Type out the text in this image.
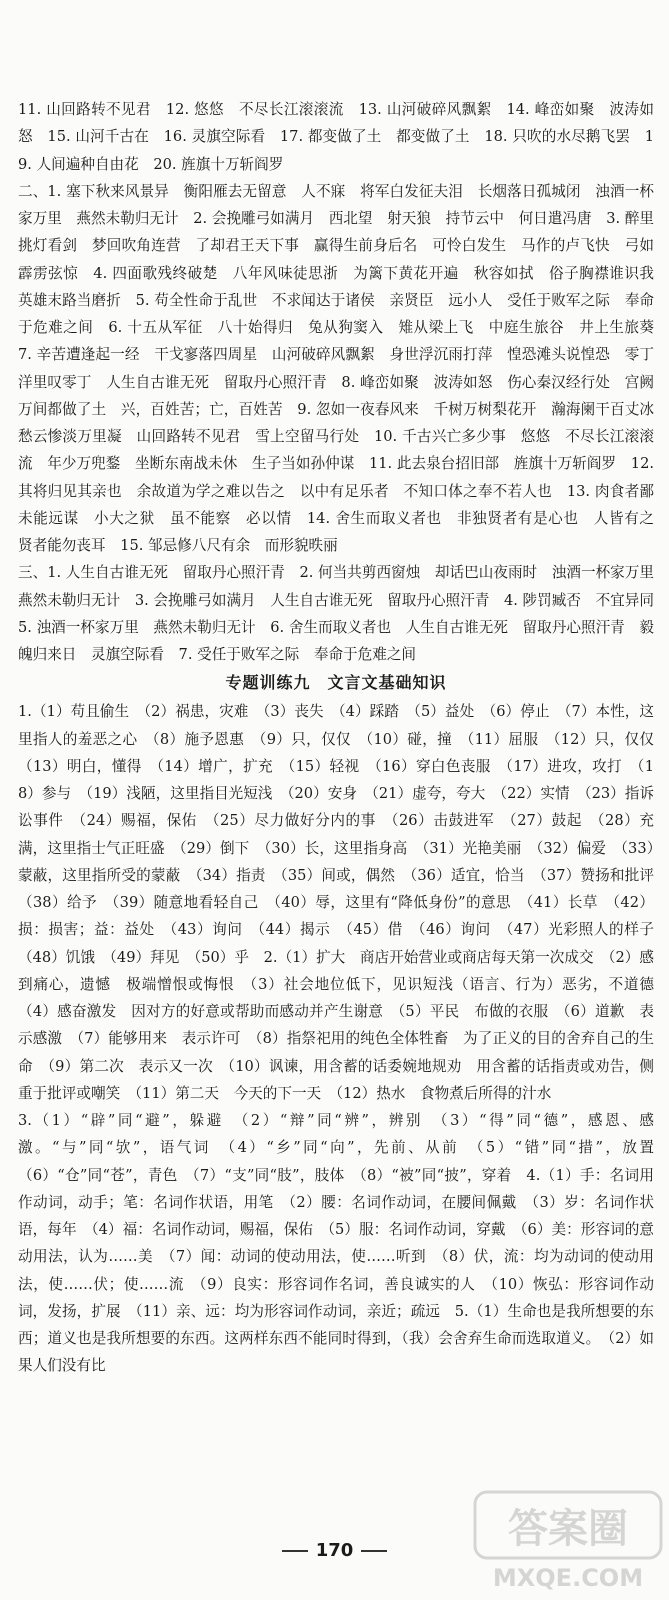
11. 山回路转不见君　12. 悠悠　不尽长江滚滚流　13. 山河破碎风飘絮　14. 峰峦如聚　波涛如怒　15. 山河千古在　16. 灵旗空际看　17. 都变做了土　都变做了土　18. 只吹的水尽鹅飞罢　19. 人间遍种自由花　20. 旌旗十万斩阎罗

二、1. 塞下秋来风景异　衡阳雁去无留意　人不寐　将军白发征夫泪　长烟落日孤城闭　浊酒一杯家万里　燕然未勒归无计　2. 会挽雕弓如满月　西北望　射天狼　持节云中　何日遣冯唐　3. 醉里挑灯看剑　梦回吹角连营　了却君王天下事　赢得生前身后名　可怜白发生　马作的卢飞快　弓如霹雳弦惊　4. 四面歌残终破楚　八年风味徒思浙　为篱下黄花开遍　秋容如拭　俗子胸襟谁识我　英雄末路当磨折　5. 苟全性命于乱世　不求闻达于诸侯　亲贤臣　远小人　受任于败军之际　奉命于危难之间　6. 十五从军征　八十始得归　兔从狗窦入　雉从梁上飞　中庭生旅谷　井上生旅葵　7. 辛苦遭逢起一经　干戈寥落四周星　山河破碎风飘絮　身世浮沉雨打萍　惶恐滩头说惶恐　零丁洋里叹零丁　人生自古谁无死　留取丹心照汗青　8. 峰峦如聚　波涛如怒　伤心秦汉经行处　宫阙万间都做了土　兴，百姓苦；亡，百姓苦　9. 忽如一夜春风来　千树万树梨花开　瀚海阑干百丈冰　愁云惨淡万里凝　山回路转不见君　雪上空留马行处　10. 千古兴亡多少事　悠悠　不尽长江滚滚流　年少万兜鍪　坐断东南战未休　生子当如孙仲谋　11. 此去泉台招旧部　旌旗十万斩阎罗　12. 其将归见其亲也　余故道为学之难以告之　以中有足乐者　不知口体之奉不若人也　13. 肉食者鄙　未能远谋　小大之狱　虽不能察　必以情　14. 舍生而取义者也　非独贤者有是心也　人皆有之　贤者能勿丧耳　15. 邹忌修八尺有余　而形貌昳丽

三、1. 人生自古谁无死　留取丹心照汗青　2. 何当共剪西窗烛　却话巴山夜雨时　浊酒一杯家万里　燕然未勒归无计　3. 会挽雕弓如满月　人生自古谁无死　留取丹心照汗青　4. 陟罚臧否　不宜异同　5. 浊酒一杯家万里　燕然未勒归无计　6. 舍生而取义者也　人生自古谁无死　留取丹心照汗青　毅魄归来日　灵旗空际看　7. 受任于败军之际　奉命于危难之间

专题训练九　文言文基础知识

1.（1）苟且偷生　（2）祸患，灾难　（3）丧失　（4）踩踏　（5）益处　（6）停止　（7）本性，这里指人的羞恶之心　（8）施予恩惠　（9）只，仅仅　（10）碰，撞　（11）屈服　（12）只，仅仅　（13）明白，懂得　（14）增广，扩充　（15）轻视　（16）穿白色丧服　（17）进攻，攻打　（18）参与　（19）浅陋，这里指目光短浅　（20）安身　（21）虚夸，夸大　（22）实情　（23）指诉讼事件　（24）赐福，保佑　（25）尽力做好分内的事　（26）击鼓进军　（27）鼓起　（28）充满，这里指士气正旺盛　（29）倒下　（30）长，这里指身高　（31）光艳美丽　（32）偏爱　（33）蒙蔽，这里指所受的蒙蔽　（34）指责　（35）间或，偶然　（36）适宜，恰当　（37）赞扬和批评　（38）给予　（39）随意地看轻自己　（40）辱，这里有“降低身份”的意思　（41）长草　（42）损：损害；益：益处　（43）询问　（44）揭示　（45）借　（46）询问　（47）光彩照人的样子　（48）饥饿　（49）拜见　（50）乎　2.（1）扩大　商店开始营业或商店每天第一次成交　（2）感到痛心，遗憾　极端憎恨或悔恨　（3）社会地位低下，见识短浅（语言、行为）恶劣，不道德　（4）感奋激发　因对方的好意或帮助而感动并产生谢意　（5）平民　布做的衣服　（6）道歉　表示感激　（7）能够用来　表示许可　（8）指祭祀用的纯色全体牲畜　为了正义的目的舍弃自己的生命　（9）第二次　表示又一次　（10）讽谏，用含蓄的话委婉地规劝　用含蓄的话指责或劝告，侧重于批评或嘲笑　（11）第二天　今天的下一天　（12）热水　食物煮后所得的汁水

3.（1）“辟”同“避”，躲避　（2）“辩”同“辨”，辨别　（3）“得”同“德”，感恩、感激。“与”同“欤”，语气词　（4）“乡”同“向”，先前、从前　（5）“错”同“措”，放置　（6）“仓”同“苍”，青色　（7）“支”同“肢”，肢体　（8）“被”同“披”，穿着　4.（1）手：名词用作动词，动手；笔：名词作状语，用笔　（2）腰：名词作动词，在腰间佩戴　（3）岁：名词作状语，每年　（4）福：名词作动词，赐福，保佑　（5）服：名词作动词，穿戴　（6）美：形容词的意动用法，认为……美　（7）闻：动词的使动用法，使……听到　（8）伏，流：均为动词的使动用法，使……伏；使……流　（9）良实：形容词作名词，善良诚实的人　（10）恢弘：形容词作动词，发扬，扩展　（11）亲、远：均为形容词作动词，亲近；疏远　5.（1）生命也是我所想要的东西；道义也是我所想要的东西。这两样东西不能同时得到，（我）会舍弃生命而选取道义。　（2）如果人们没有比

170	答案圈
MXQE.COM
